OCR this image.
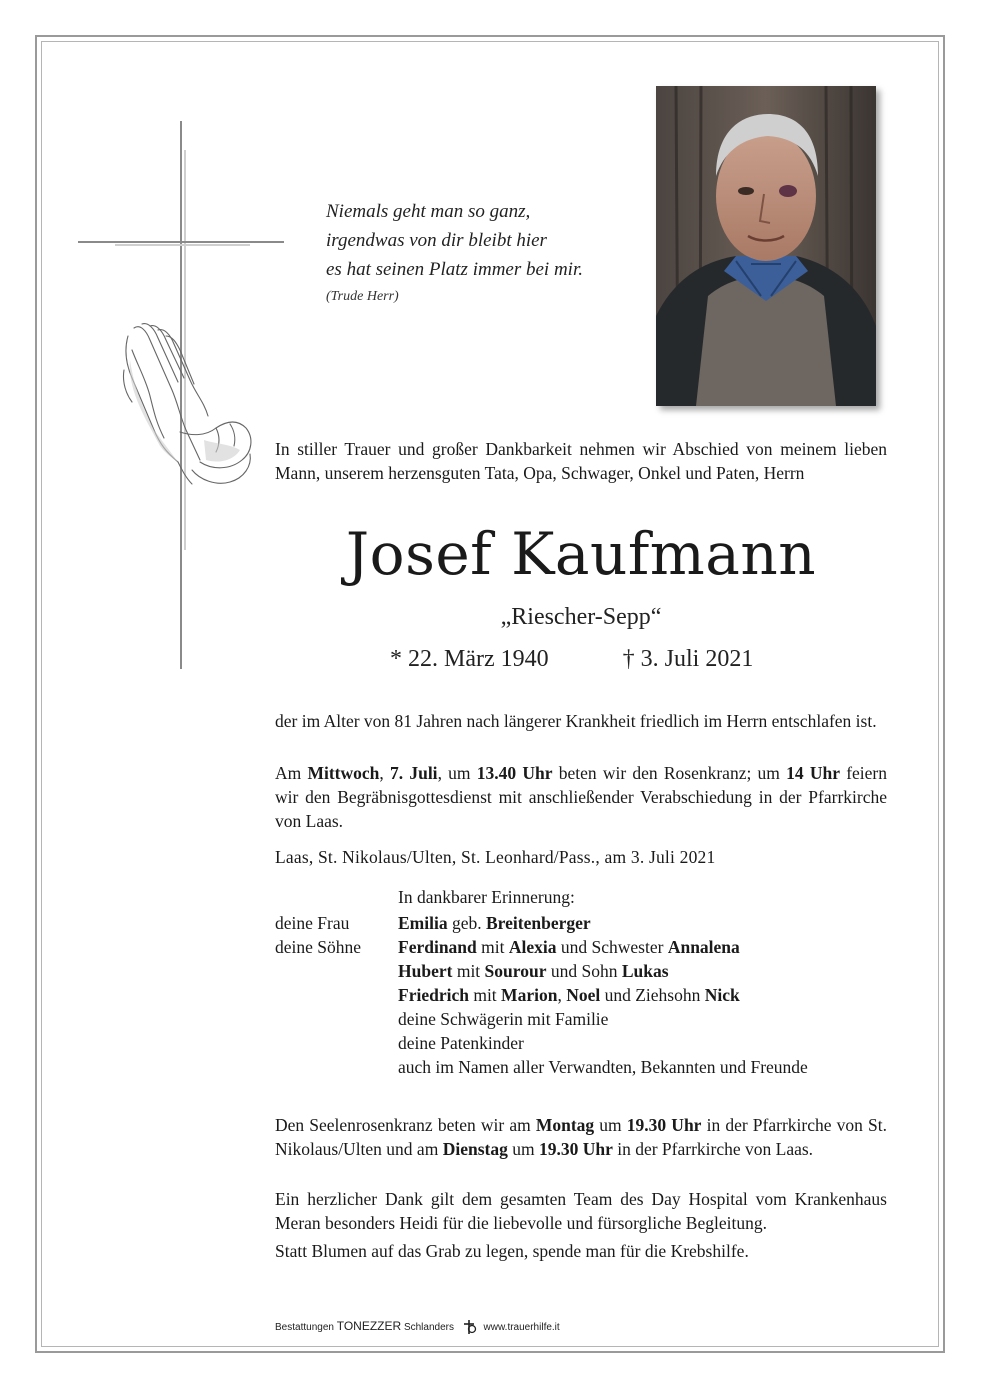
Niemals geht man so ganz,
irgendwas von dir bleibt hier
es hat seinen Platz immer bei mir.
(Trude Herr)
In stiller Trauer und großer Dankbarkeit nehmen wir Abschied von meinem lieben Mann, unserem herzensguten Tata, Opa, Schwager, Onkel und Paten, Herrn
Josef Kaufmann
„Riescher-Sepp“
* 22. März 1940	† 3. Juli 2021
der im Alter von 81 Jahren nach längerer Krankheit friedlich im Herrn entschlafen ist.
Am Mittwoch, 7. Juli, um 13.40 Uhr beten wir den Rosenkranz; um 14 Uhr feiern wir den Begräbnisgottesdienst mit anschließender Verabschiedung in der Pfarrkirche von Laas.
Laas, St. Nikolaus/Ulten, St. Leonhard/Pass., am 3. Juli 2021
In dankbarer Erinnerung:
deine Frau
deine Söhne
Emilia geb. Breitenberger
Ferdinand mit Alexia und Schwester Annalena
Hubert mit Sourour und Sohn Lukas
Friedrich mit Marion, Noel und Ziehsohn Nick
deine Schwägerin mit Familie
deine Patenkinder
auch im Namen aller Verwandten, Bekannten und Freunde
Den Seelenrosenkranz beten wir am Montag um 19.30 Uhr in der Pfarrkirche von St. Nikolaus/Ulten und am Dienstag um 19.30 Uhr in der Pfarrkirche von Laas.
Ein herzlicher Dank gilt dem gesamten Team des Day Hospital vom Krankenhaus Meran besonders Heidi für die liebevolle und fürsorgliche Begleitung.
Statt Blumen auf das Grab zu legen, spende man für die Krebshilfe.
Bestattungen TONEZZER Schlanders	www.trauerhilfe.it
